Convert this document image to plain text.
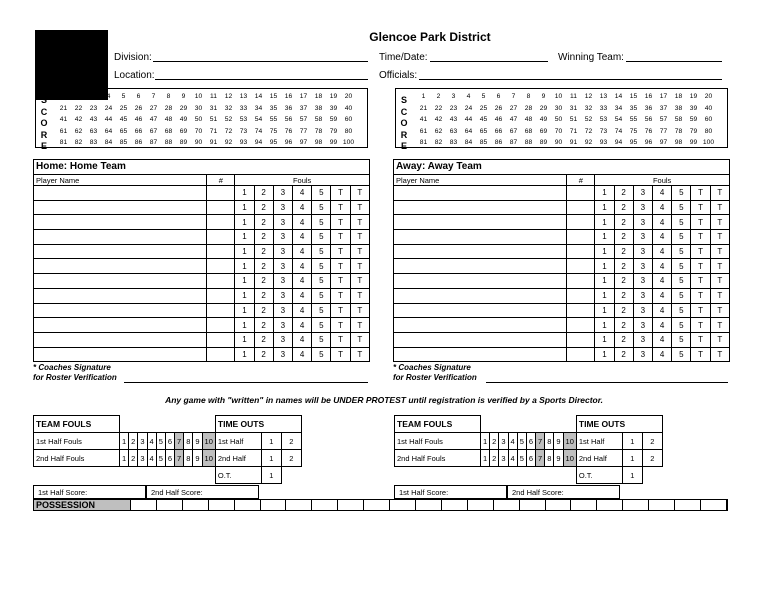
Glencoe Park District
Division:
Location:
Time/Date:	Winning Team:
Officials:
S
C
O
R
E
1	2	3	4	5	6	7	8	9	10	11	12	13	14	15	16	17	18	19	20
21	22	23	24	25	26	27	28	29	30	31	32	33	34	35	36	37	38	39	40
41	42	43	44	45	46	47	48	49	50	51	52	53	54	55	56	57	58	59	60
61	62	63	64	65	66	67	68	69	70	71	72	73	74	75	76	77	78	79	80
81	82	83	84	85	86	87	88	89	90	91	92	93	94	95	96	97	98	99 100
S
C
O
R
E
1	2	3	4	5	6	7	8	9	10	11	12	13	14	15	16	17	18	19	20
21	22	23	24	25	26	27	28	29	30	31	32	33	34	35	36	37	38	39	40
41	42	43	44	45	46	47	48	49	50	51	52	53	54	55	56	57	58	59	60
61	62	63	64	65	66	67	68	69	70	71	72	73	74	75	76	77	78	79	80
81	82	83	84	85	86	87	88	89	90	91	92	93	94	95	96	97	98	99 100
Home: Home Team
Player Name	#	Fouls						
		1	2	3	4	5	T	T
		1	2	3	4	5	T	T
		1	2	3	4	5	T	T
		1	2	3	4	5	T	T
		1	2	3	4	5	T	T
		1	2	3	4	5	T	T
		1	2	3	4	5	T	T
		1	2	3	4	5	T	T
		1	2	3	4	5	T	T
		1	2	3	4	5	T	T
		1	2	3	4	5	T	T
		1	2	3	4	5	T	T
* Coaches Signature
for Roster Verification
Away: Away Team
Player Name	#	Fouls						
		1	2	3	4	5	T	T
		1	2	3	4	5	T	T
		1	2	3	4	5	T	T
		1	2	3	4	5	T	T
		1	2	3	4	5	T	T
		1	2	3	4	5	T	T
		1	2	3	4	5	T	T
		1	2	3	4	5	T	T
		1	2	3	4	5	T	T
		1	2	3	4	5	T	T
		1	2	3	4	5	T	T
		1	2	3	4	5	T	T
* Coaches Signature
for Roster Verification
Any game with "written" in names will be UNDER PROTEST until registration is verified by a Sports Director.
TEAM FOULS											TIME OUTS		
1st Half Fouls	1	2	3	4	5	6	7	8	9	10	1st Half	1	2
2nd Half Fouls	1	2	3	4	5	6	7	8	9	10	2nd Half	1	2
											O.T.	1	
TEAM FOULS											TIME OUTS		
1st Half Fouls	1	2	3	4	5	6	7	8	9	10	1st Half	1	2
2nd Half Fouls	1	2	3	4	5	6	7	8	9	10	2nd Half	1	2
											O.T.	1	
1st Half Score:	2nd Half Score:	1st Half Score:	2nd Half Score:
POSSESSION
